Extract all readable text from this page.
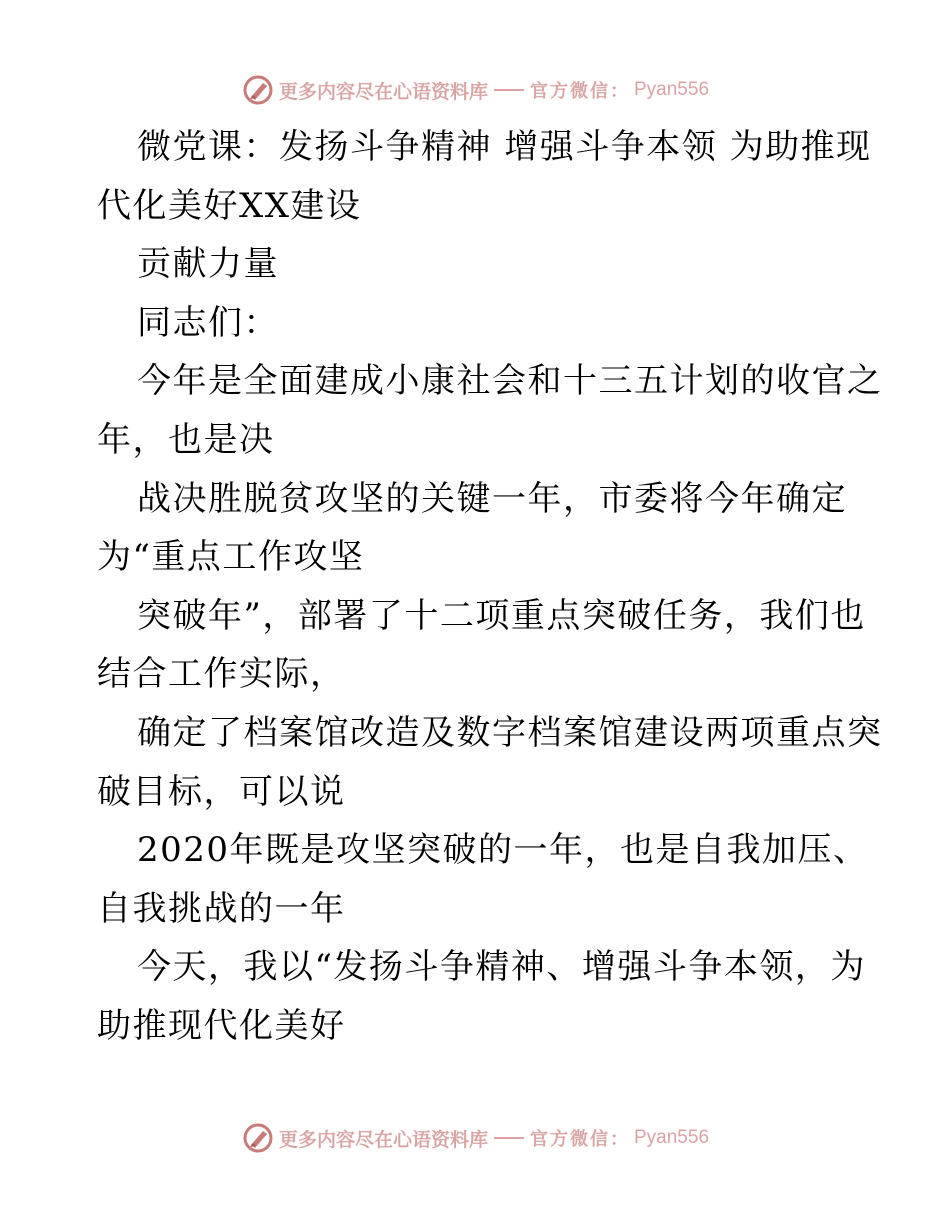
更多内容尽在心语资料库 官方微信： Pyan556
微党课：发扬斗争精神 增强斗争本领 为助推现
代化美好XX建设
贡献力量
同志们：
今年是全面建成小康社会和十三五计划的收官之
年，也是决
战决胜脱贫攻坚的关键一年，市委将今年确定
为“重点工作攻坚
突破年”，部署了十二项重点突破任务，我们也
结合工作实际，
确定了档案馆改造及数字档案馆建设两项重点突
破目标，可以说
2020年既是攻坚突破的一年，也是自我加压、
自我挑战的一年
今天，我以“发扬斗争精神、增强斗争本领，为
助推现代化美好
更多内容尽在心语资料库 官方微信： Pyan556
